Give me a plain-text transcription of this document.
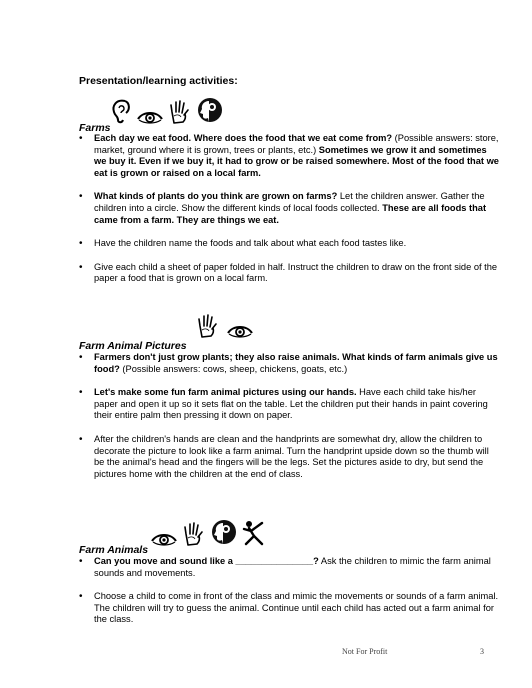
Presentation/learning activities:
Farms
• Each day we eat food. Where does the food that we eat come from? (Possible answers: store, market, ground where it is grown, trees or plants, etc.) Sometimes we grow it and sometimes we buy it. Even if we buy it, it had to grow or be raised somewhere. Most of the food that we eat is grown or raised on a local farm.
• What kinds of plants do you think are grown on farms? Let the children answer. Gather the children into a circle. Show the different kinds of local foods collected. These are all foods that came from a farm. They are things we eat.
• Have the children name the foods and talk about what each food tastes like.
• Give each child a sheet of paper folded in half. Instruct the children to draw on the front side of the paper a food that is grown on a local farm.
Farm Animal Pictures
• Farmers don't just grow plants; they also raise animals. What kinds of farm animals give us food? (Possible answers: cows, sheep, chickens, goats, etc.)
• Let's make some fun farm animal pictures using our hands. Have each child take his/her paper and open it up so it sets flat on the table. Let the children put their hands in paint covering their entire palm then pressing it down on paper.
• After the children's hands are clean and the handprints are somewhat dry, allow the children to decorate the picture to look like a farm animal. Turn the handprint upside down so the thumb will be the animal's head and the fingers will be the legs. Set the pictures aside to dry, but send the pictures home with the children at the end of class.
Farm Animals
• Can you move and sound like a _______________? Ask the children to mimic the farm animal sounds and movements.
• Choose a child to come in front of the class and mimic the movements or sounds of a farm animal. The children will try to guess the animal. Continue until each child has acted out a farm animal for the class.
Not For Profit	3
